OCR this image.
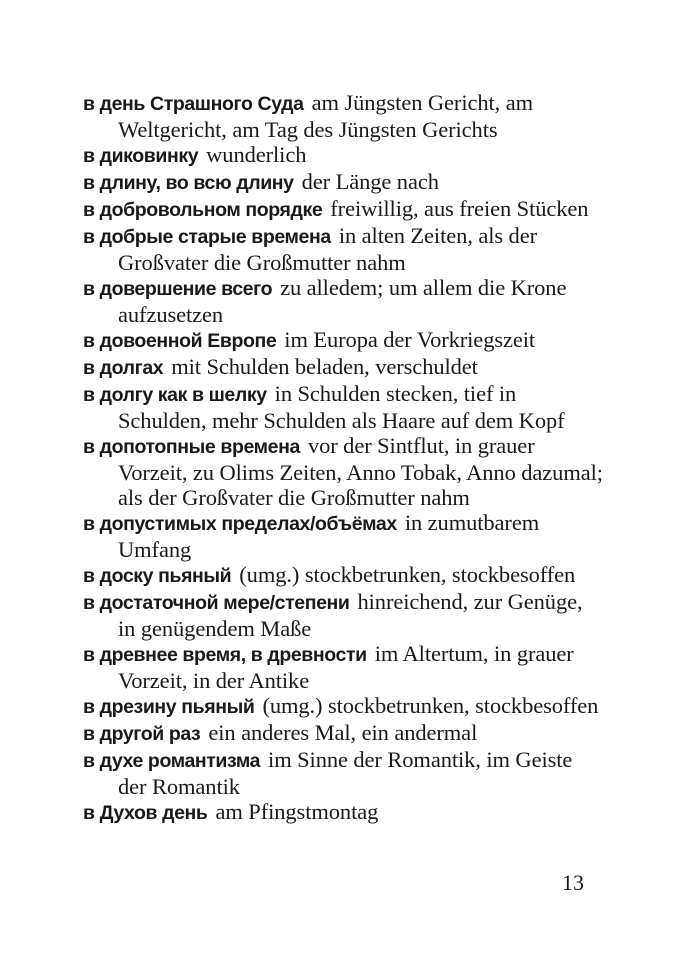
в день Страшного Суда am Jüngsten Gericht, am Weltgericht, am Tag des Jüngsten Gerichts
в диковинку wunderlich
в длину, во всю длину der Länge nach
в добровольном порядке freiwillig, aus freien Stücken
в добрые старые времена in alten Zeiten, als der Großvater die Großmutter nahm
в довершение всего zu alledem; um allem die Krone aufzusetzen
в довоенной Европе im Europa der Vorkriegszeit
в долгах mit Schulden beladen, verschuldet
в долгу как в шелку in Schulden stecken, tief in Schulden, mehr Schulden als Haare auf dem Kopf
в допотопные времена vor der Sintflut, in grauer Vorzeit, zu Olims Zeiten, Anno Tobak, Anno dazumal; als der Großvater die Großmutter nahm
в допустимых пределах/объёмах in zumutbarem Umfang
в доску пьяный (umg.) stockbetrunken, stockbesoffen
в достаточной мере/степени hinreichend, zur Genüge, in genügendem Maße
в древнее время, в древности im Altertum, in grauer Vorzeit, in der Antike
в дрезину пьяный (umg.) stockbetrunken, stockbesoffen
в другой раз ein anderes Mal, ein andermal
в духе романтизма im Sinne der Romantik, im Geiste der Romantik
в Духов день am Pfingstmontag
13
